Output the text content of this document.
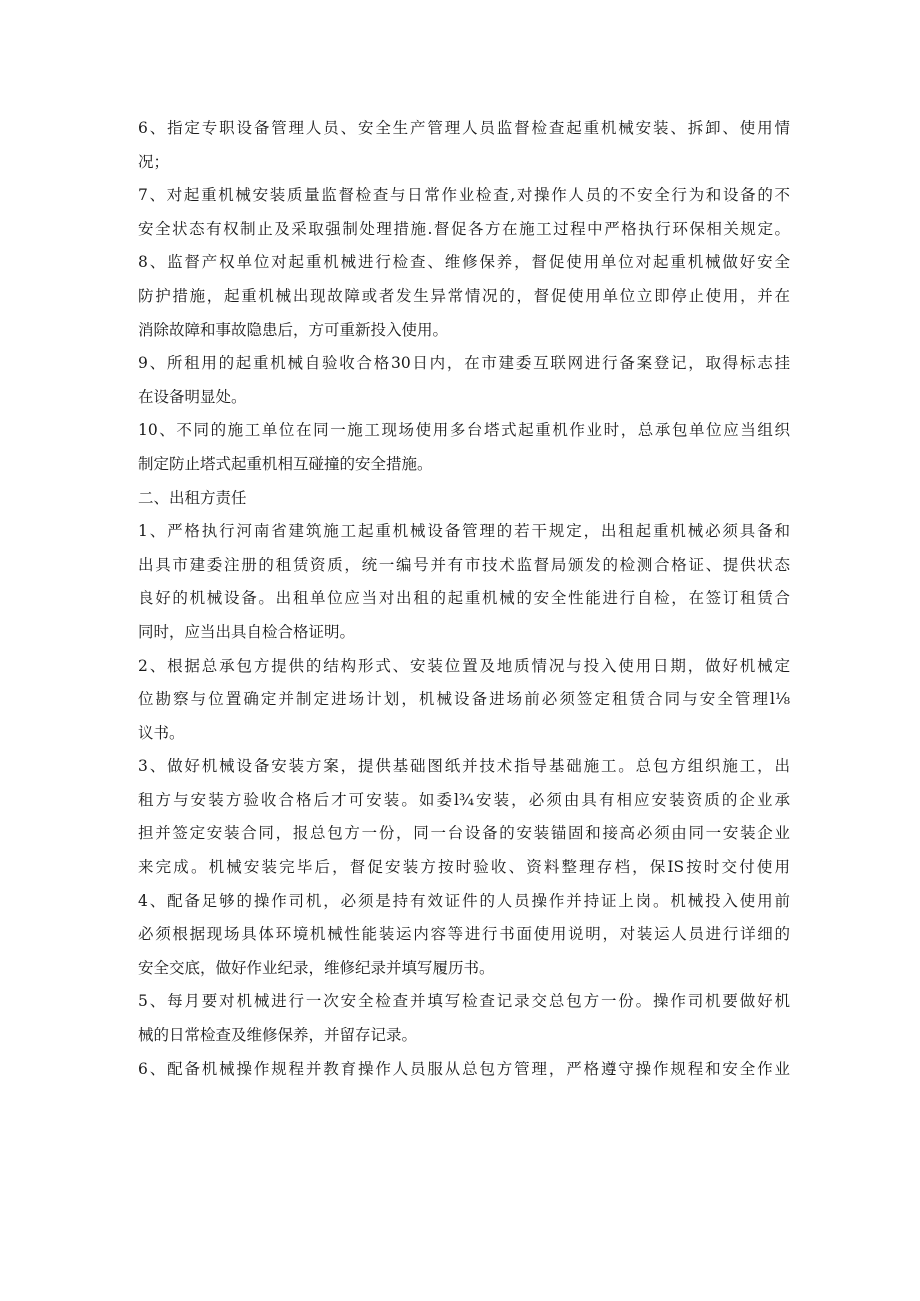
6、指定专职设备管理人员、安全生产管理人员监督检查起重机械安装、拆卸、使用情
况；
7、对起重机械安装质量监督检查与日常作业检查,对操作人员的不安全行为和设备的不
安全状态有权制止及采取强制处理措施.督促各方在施工过程中严格执行环保相关规定。
8、监督产权单位对起重机械进行检查、维修保养，督促使用单位对起重机械做好安全
防护措施，起重机械出现故障或者发生异常情况的，督促使用单位立即停止使用，并在
消除故障和事故隐患后，方可重新投入使用。
9、所租用的起重机械自验收合格30日内，在市建委互联网进行备案登记，取得标志挂
在设备明显处。
10、不同的施工单位在同一施工现场使用多台塔式起重机作业时，总承包单位应当组织
制定防止塔式起重机相互碰撞的安全措施。
二、出租方责任
1、严格执行河南省建筑施工起重机械设备管理的若干规定，出租起重机械必须具备和
出具市建委注册的租赁资质，统一编号并有市技术监督局颁发的检测合格证、提供状态
良好的机械设备。出租单位应当对出租的起重机械的安全性能进行自检，在签订租赁合
同时，应当出具自检合格证明。
2、根据总承包方提供的结构形式、安装位置及地质情况与投入使用日期，做好机械定
位勘察与位置确定并制定进场计划，机械设备进场前必须签定租赁合同与安全管理l⅛
议书。
3、做好机械设备安装方案，提供基础图纸并技术指导基础施工。总包方组织施工，出
租方与安装方验收合格后才可安装。如委l¾安装，必须由具有相应安装资质的企业承
担并签定安装合同，报总包方一份，同一台设备的安装锚固和接高必须由同一安装企业
来完成。机械安装完毕后，督促安装方按时验收、资料整理存档，保IS按时交付使用
4、配备足够的操作司机，必须是持有效证件的人员操作并持证上岗。机械投入使用前
必须根据现场具体环境机械性能装运内容等进行书面使用说明，对装运人员进行详细的
安全交底，做好作业纪录，维修纪录并填写履历书。
5、每月要对机械进行一次安全检查并填写检查记录交总包方一份。操作司机要做好机
械的日常检查及维修保养，并留存记录。
6、配备机械操作规程并教育操作人员服从总包方管理，严格遵守操作规程和安全作业
